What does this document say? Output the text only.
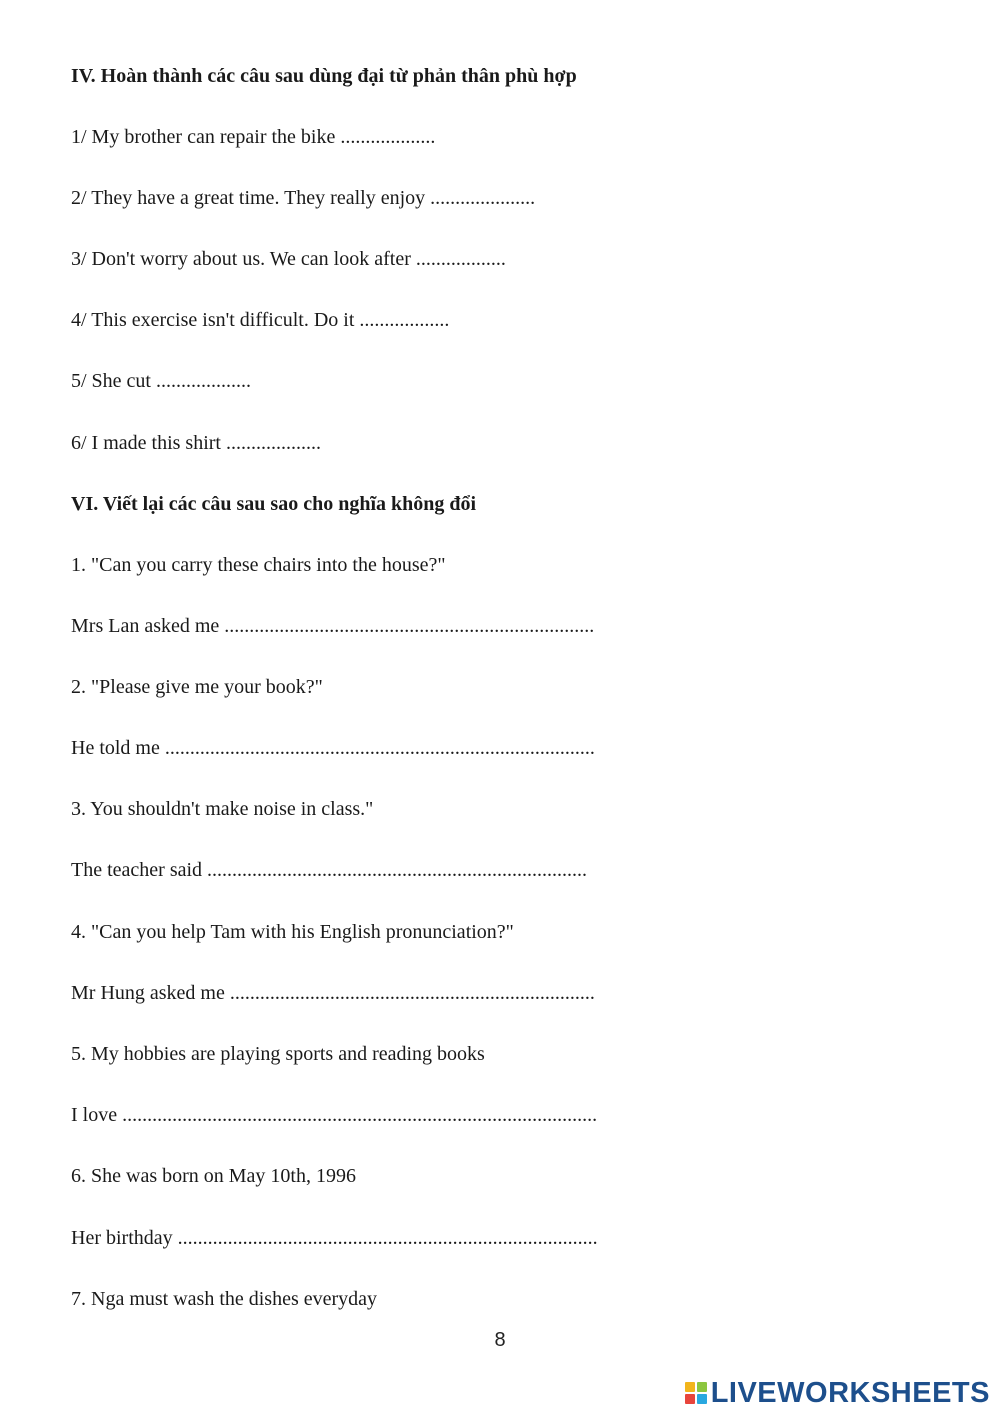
IV. Hoàn thành các câu sau dùng đại từ phản thân phù hợp
1/ My brother can repair the bike ...................
2/ They have a great time. They really enjoy .....................
3/ Don't worry about us. We can look after ..................
4/ This exercise isn't difficult. Do it ..................
5/ She cut ...................
6/ I made this shirt ...................
VI. Viết lại các câu sau sao cho nghĩa không đổi
1. "Can you carry these chairs into the house?"
Mrs Lan asked me ..........................................................................
2. "Please give me your book?"
He told me ......................................................................................
3. You shouldn't make noise in class."
The teacher said ............................................................................
4. "Can you help Tam with his English pronunciation?"
Mr Hung asked me .........................................................................
5. My hobbies are playing sports and reading books
I love ...............................................................................................
6. She was born on May 10th, 1996
Her birthday ....................................................................................
7. Nga must wash the dishes everyday
8
LIVEWORKSHEETS
